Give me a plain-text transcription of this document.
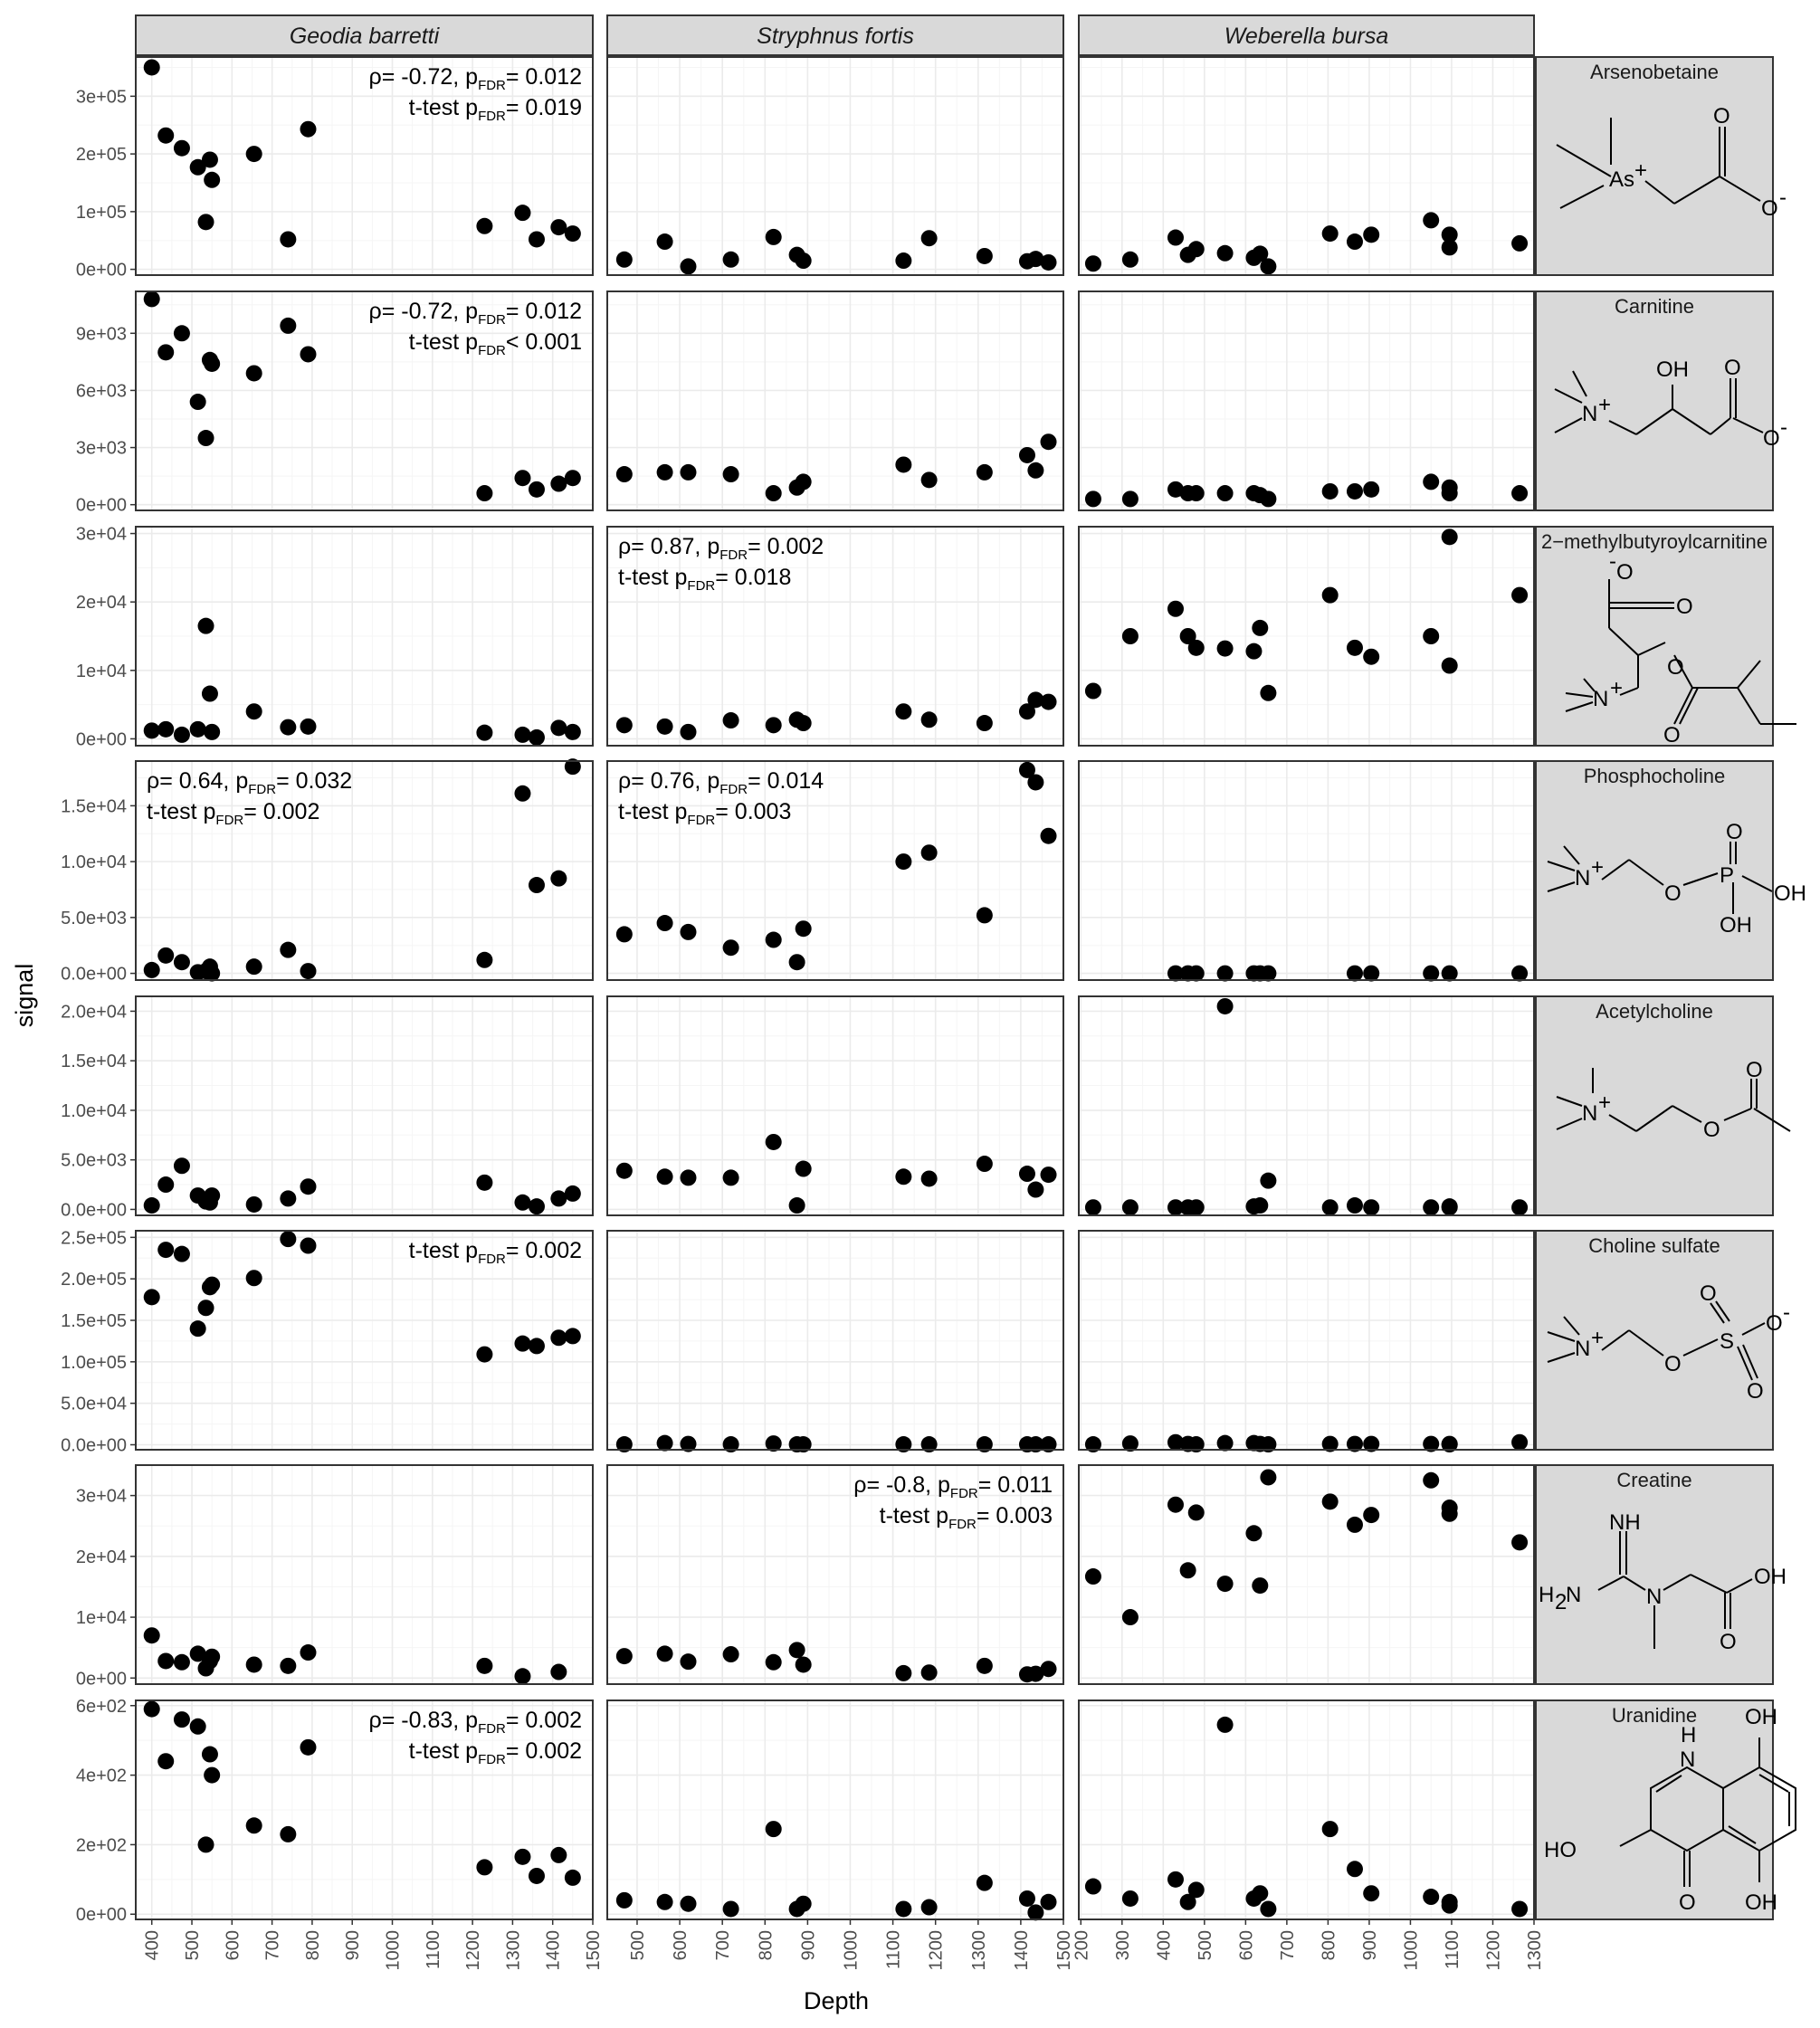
Geodia barretti	Stryphnus fortis	Weberella bursa
Arsenobetaine
ρ= -0.72, $p_{FDR}= 0.012$
t-test $p_{FDR}= 0.019$
Carnitine
ρ= -0.72, $p_{FDR}= 0.012$
t-test $p_{FDR}< 0.001$
2−methylbutyroylcarnitine
ρ= 0.87, $p_{FDR}= 0.002$
t-test $p_{FDR}= 0.018$
Phosphocholine
ρ= 0.64, $p_{FDR}= 0.032$
t-test $p_{FDR}= 0.002$
ρ= 0.76, $p_{FDR}= 0.014$
t-test $p_{FDR}= 0.003$
Acetylcholine
Choline sulfate
t-test $p_{FDR}= 0.002$
Creatine
ρ= -0.8, $p_{FDR}= 0.011$
t-test $p_{FDR}= 0.003$
Uranidine
ρ= -0.83, $p_{FDR}= 0.002$
t-test $p_{FDR}= 0.002$
0e+00
1e+05
2e+05
3e+05
0e+00
3e+03
6e+03
9e+03
0e+00
1e+04
2e+04
3e+04
0.0e+00
5.0e+03
1.0e+04
1.5e+04
0.0e+00
5.0e+03
1.0e+04
1.5e+04
2.0e+04
0.0e+00
5.0e+04
1.0e+05
1.5e+05
2.0e+05
2.5e+05
0e+00
1e+04
2e+04
3e+04
0e+00
2e+02
4e+02
6e+02
400 500 600 700 800 900 1000 1100 1200 1300 1400 1500 500 600 700 800 900 1000 1100 1200 1300 1400 1500
200 300 400 500 600 700 800 900 1000 1100 1200 1300
Depth
signal
As +
O
O -
N +
OH O
O -
- O
O
O
O
N +
N +
O
P
O
OH
OH
N +
O
O
N +
O
S
O
O
O -
NH
H 2
N	N
OH
O
OH
H
N
HO
O OH
